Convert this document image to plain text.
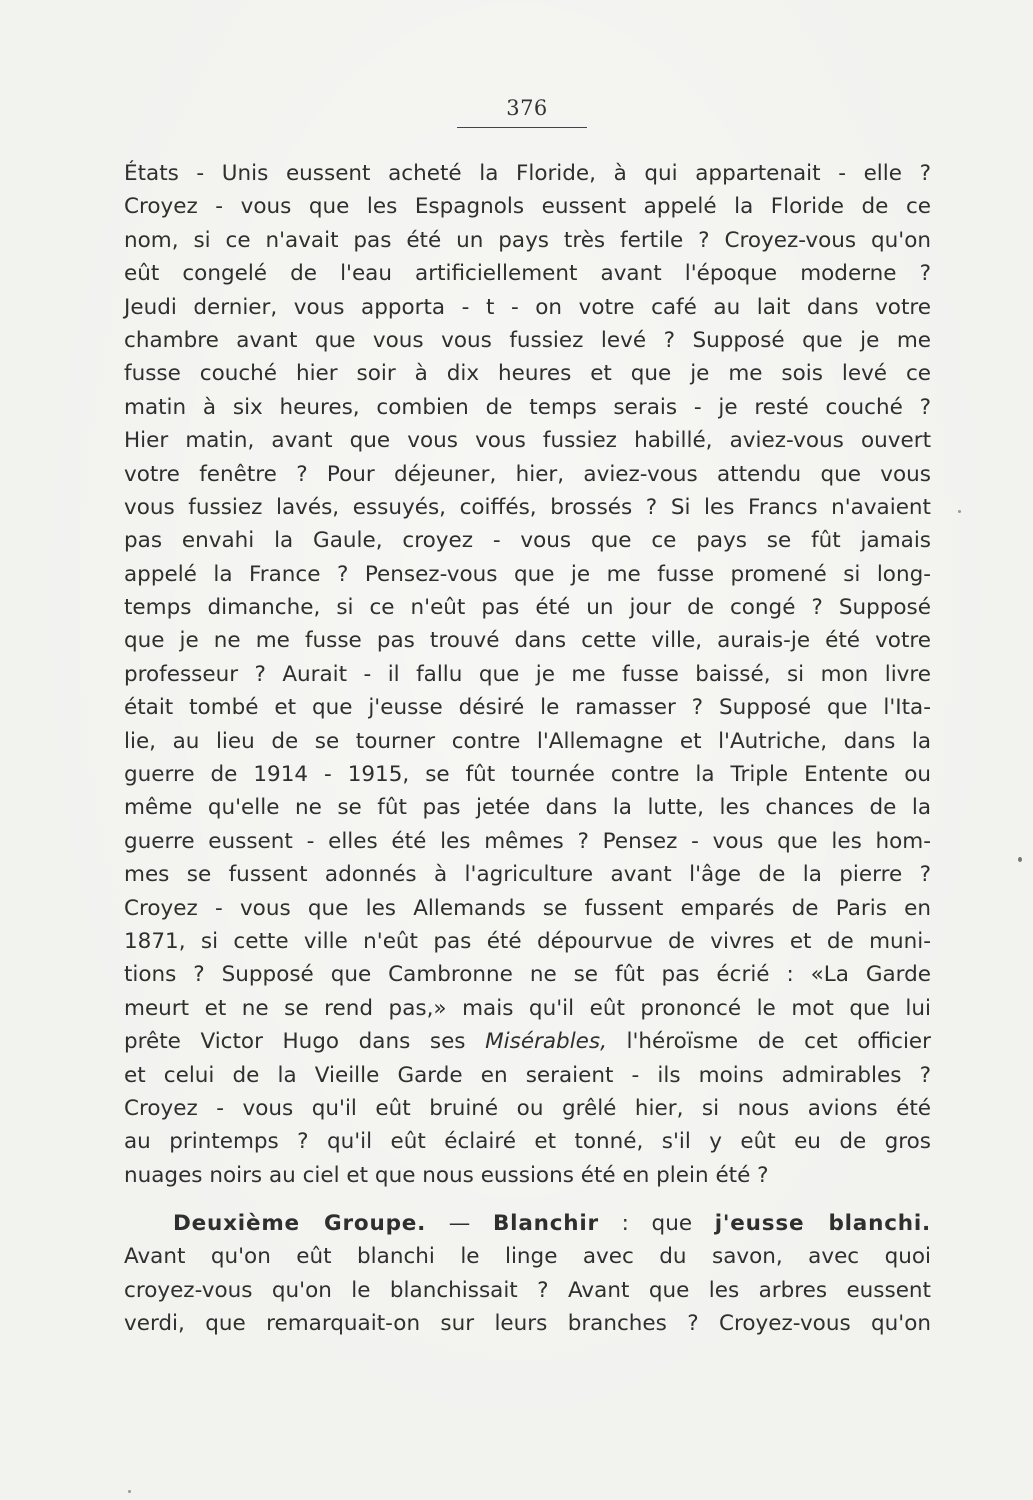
376
États - Unis eussent acheté la Floride, à qui appartenait - elle ?
Croyez - vous que les Espagnols eussent appelé la Floride de ce
nom, si ce n'avait pas été un pays très fertile ? Croyez-vous qu'on
eût congelé de l'eau artificiellement avant l'époque moderne ?
Jeudi dernier, vous apporta - t - on votre café au lait dans votre
chambre avant que vous vous fussiez levé ? Supposé que je me
fusse couché hier soir à dix heures et que je me sois levé ce
matin à six heures, combien de temps serais - je resté couché ?
Hier matin, avant que vous vous fussiez habillé, aviez-vous ouvert
votre fenêtre ? Pour déjeuner, hier, aviez-vous attendu que vous
vous fussiez lavés, essuyés, coiffés, brossés ? Si les Francs n'avaient
pas envahi la Gaule, croyez - vous que ce pays se fût jamais
appelé la France ? Pensez-vous que je me fusse promené si long-
temps dimanche, si ce n'eût pas été un jour de congé ? Supposé
que je ne me fusse pas trouvé dans cette ville, aurais-je été votre
professeur ? Aurait - il fallu que je me fusse baissé, si mon livre
était tombé et que j'eusse désiré le ramasser ? Supposé que l'Ita-
lie, au lieu de se tourner contre l'Allemagne et l'Autriche, dans la
guerre de 1914 - 1915, se fût tournée contre la Triple Entente ou
même qu'elle ne se fût pas jetée dans la lutte, les chances de la
guerre eussent - elles été les mêmes ? Pensez - vous que les hom-
mes se fussent adonnés à l'agriculture avant l'âge de la pierre ?
Croyez - vous que les Allemands se fussent emparés de Paris en
1871, si cette ville n'eût pas été dépourvue de vivres et de muni-
tions ? Supposé que Cambronne ne se fût pas écrié : «La Garde
meurt et ne se rend pas,» mais qu'il eût prononcé le mot que lui
prête Victor Hugo dans ses Misérables, l'héroïsme de cet officier
et celui de la Vieille Garde en seraient - ils moins admirables ?
Croyez - vous qu'il eût bruiné ou grêlé hier, si nous avions été
au printemps ? qu'il eût éclairé et tonné, s'il y eût eu de gros
nuages noirs au ciel et que nous eussions été en plein été ?
Deuxième Groupe. — Blanchir : que j'eusse blanchi.
Avant qu'on eût blanchi le linge avec du savon, avec quoi
croyez-vous qu'on le blanchissait ? Avant que les arbres eussent
verdi, que remarquait-on sur leurs branches ? Croyez-vous qu'on
